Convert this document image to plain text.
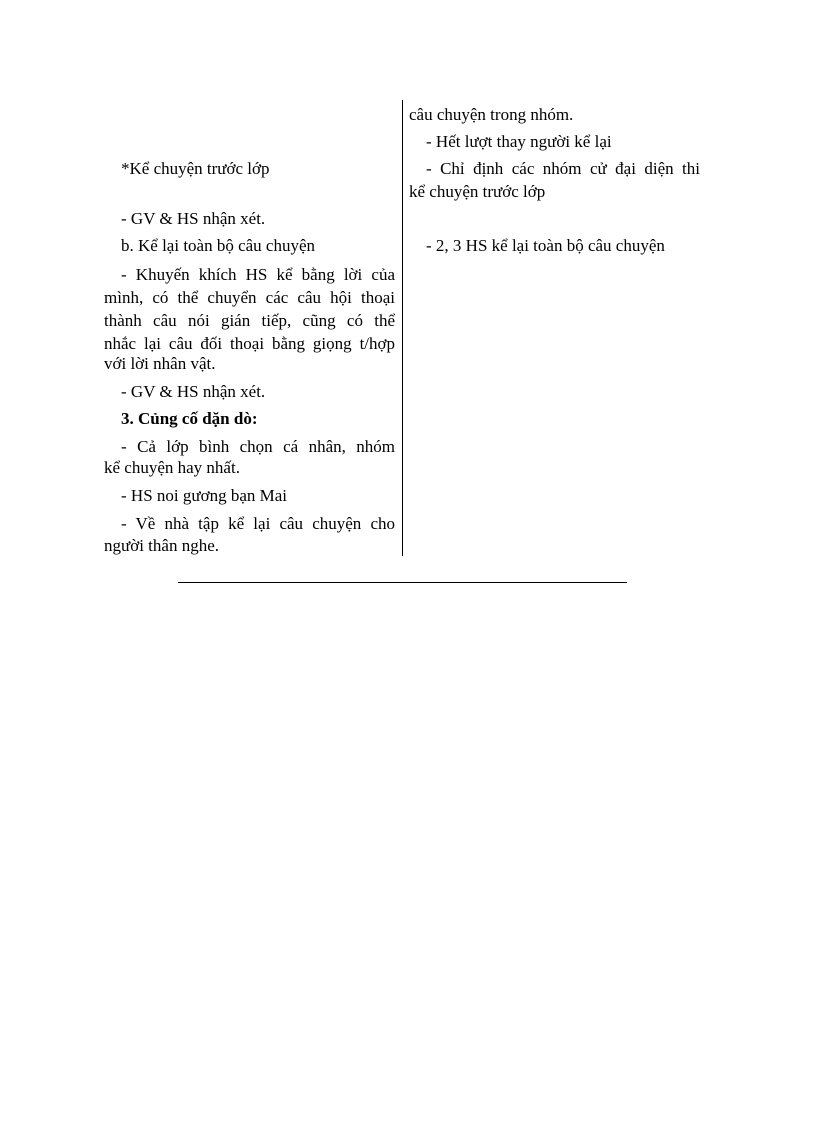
câu chuyện trong nhóm.
- Hết lượt thay người kể lại
- Chỉ định các nhóm cử đại diện thi
kể chuyện trước lớp
- 2, 3 HS kể lại toàn bộ câu chuyện
*Kể chuyện trước lớp
- GV & HS nhận xét.
b. Kể lại toàn bộ câu chuyện
- Khuyến khích HS kể bằng lời của
mình, có thể chuyển các câu hội thoại
thành câu nói gián tiếp, cũng có thể
nhắc lại câu đối thoại bằng giọng t/hợp
với lời nhân vật.
- GV & HS nhận xét.
3. Củng cố dặn dò:
- Cả lớp bình chọn cá nhân, nhóm
kể chuyện hay nhất.
- HS noi gương bạn Mai
- Về nhà tập kể lại câu chuyện cho
người thân nghe.
